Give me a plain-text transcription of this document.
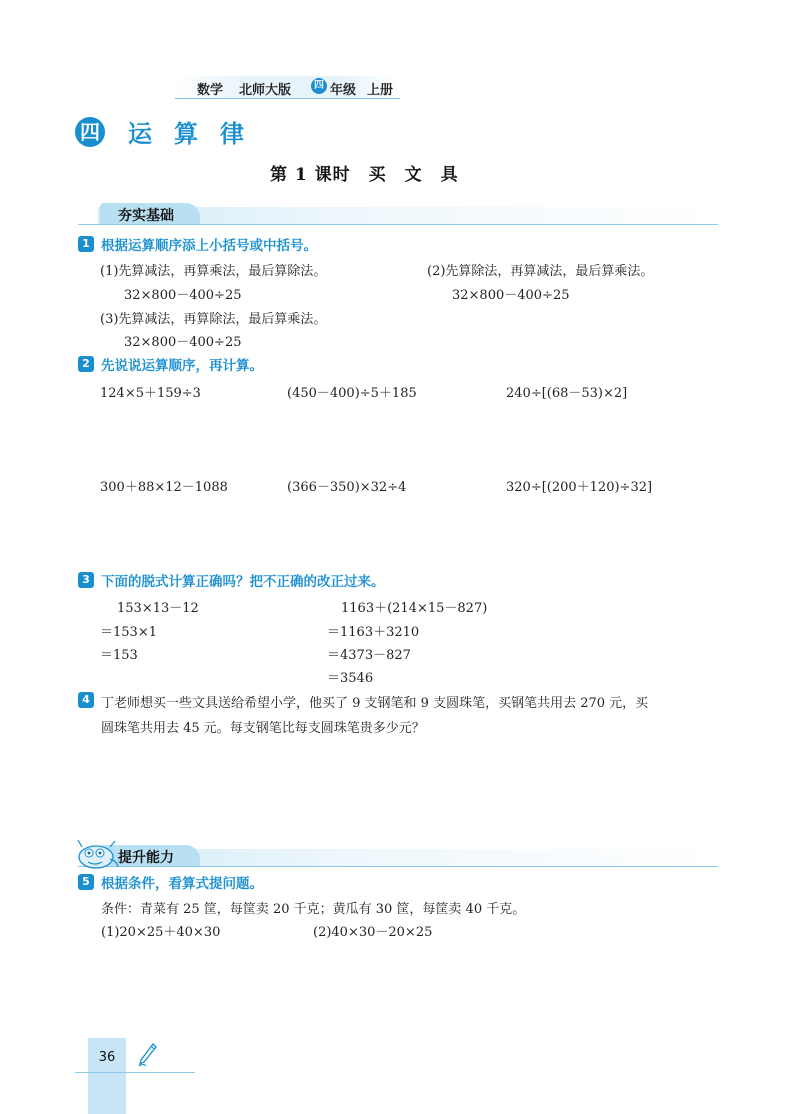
数学 北师大版	四 年级 上册
四 运算律
第 1 课时　买　文　具
夯实基础
1 根据运算顺序添上小括号或中括号。
(1)先算减法，再算乘法，最后算除法。
32×800－400÷25
(2)先算除法，再算减法，最后算乘法。
32×800－400÷25
(3)先算减法，再算除法，最后算乘法。
32×800－400÷25
2 先说说运算顺序，再计算。
124×5＋159÷3	(450－400)÷5＋185	240÷[(68－53)×2]
300＋88×12－1088	(366－350)×32÷4	320÷[(200＋120)÷32]
3 下面的脱式计算正确吗？把不正确的改正过来。
153×13－12
＝153×1
＝153
1163＋(214×15－827)
＝1163＋3210
＝4373－827
＝3546
4 丁老师想买一些文具送给希望小学，他买了 9 支钢笔和 9 支圆珠笔，买钢笔共用去 270 元，买
圆珠笔共用去 45 元。每支钢笔比每支圆珠笔贵多少元？
提升能力
5 根据条件，看算式提问题。
条件：青菜有 25 筐，每筐卖 20 千克；黄瓜有 30 筐，每筐卖 40 千克。
(1)20×25＋40×30	(2)40×30－20×25
36
